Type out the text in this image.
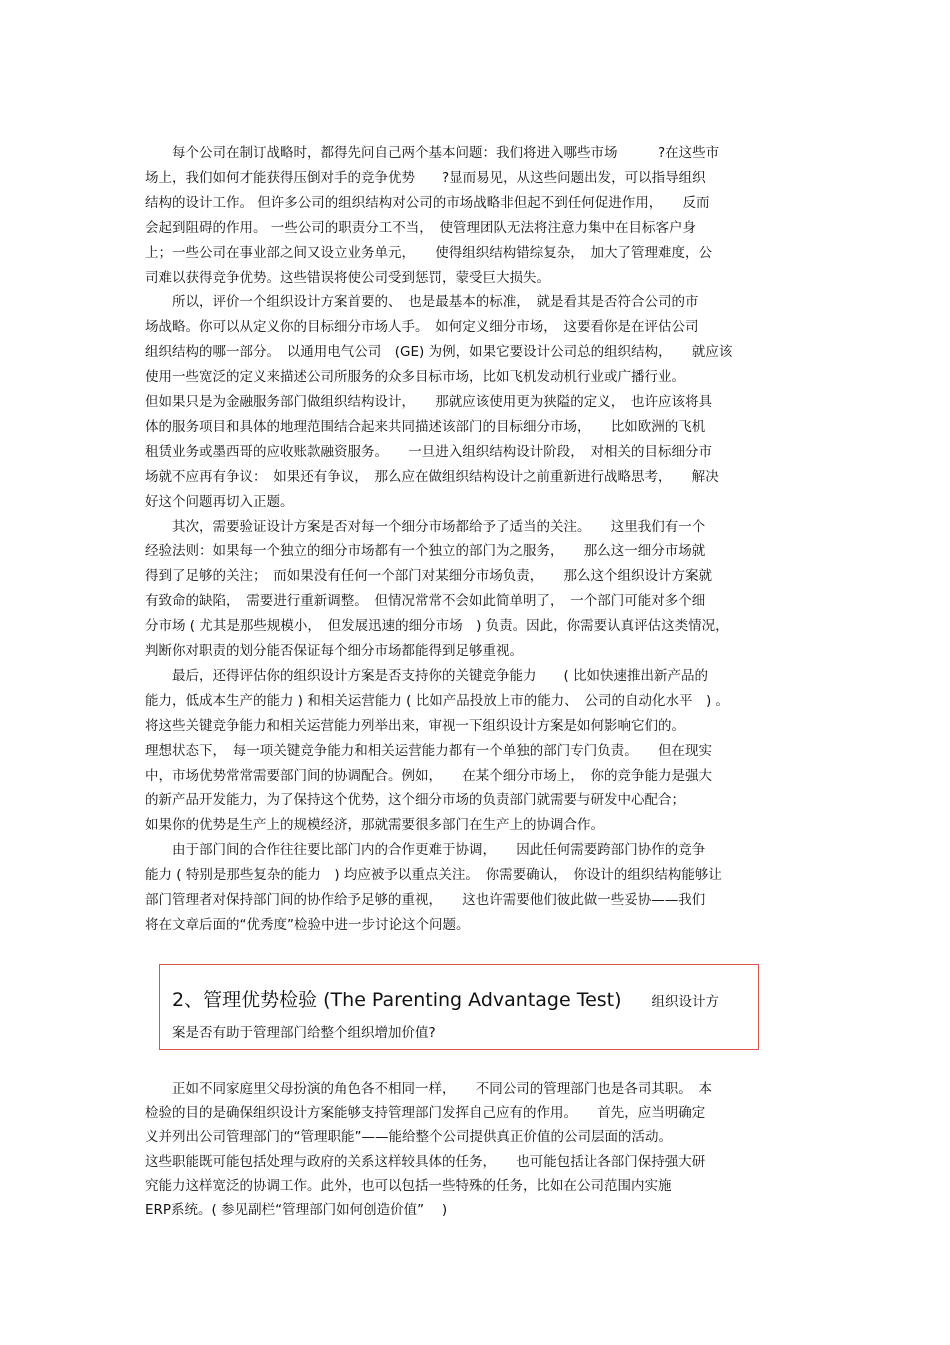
　　每个公司在制订战略时，都得先问自己两个基本问题：我们将进入哪些市场　　　?在这些市
场上，我们如何才能获得压倒对手的竞争优势　　?显而易见，从这些问题出发，可以指导组织
结构的设计工作。 但许多公司的组织结构对公司的市场战略非但起不到任何促进作用，　　反而
会起到阻碍的作用。 一些公司的职责分工不当，　使管理团队无法将注意力集中在目标客户身
上；一些公司在事业部之间又设立业务单元，　　使得组织结构错综复杂，　加大了管理难度，公
司难以获得竞争优势。这些错误将使公司受到惩罚，蒙受巨大损失。
　　所以，评价一个组织设计方案首要的、　也是最基本的标准，　就是看其是否符合公司的市
场战略。你可以从定义你的目标细分市场人手。　如何定义细分市场，　这要看你是在评估公司
组织结构的哪一部分。　以通用电气公司　(GE) 为例，如果它要设计公司总的组织结构，　　就应该
使用一些宽泛的定义来描述公司所服务的众多目标市场，比如飞机发动机行业或广播行业。
但如果只是为金融服务部门做组织结构设计，　　那就应该使用更为狭隘的定义，　也许应该将具
体的服务项目和具体的地理范围结合起来共同描述该部门的目标细分市场，　　比如欧洲的飞机
租赁业务或墨西哥的应收账款融资服务。　　一旦进入组织结构设计阶段，　对相关的目标细分市
场就不应再有争议：　如果还有争议，　那么应在做组织结构设计之前重新进行战略思考，　　解决
好这个问题再切入正题。
　　其次，需要验证设计方案是否对每一个细分市场都给予了适当的关注。　　这里我们有一个
经验法则：如果每一个独立的细分市场都有一个独立的部门为之服务，　　那么这一细分市场就
得到了足够的关注；　而如果没有任何一个部门对某细分市场负责，　　那么这个组织设计方案就
有致命的缺陷，　需要进行重新调整。　但情况常常不会如此简单明了，　一个部门可能对多个细
分市场 ( 尤其是那些规模小，　但发展迅速的细分市场　) 负责。因此，你需要认真评估这类情况，
判断你对职责的划分能否保证每个细分市场都能得到足够重视。
　　最后，还得评估你的组织设计方案是否支持你的关键竞争能力　　( 比如快速推出新产品的
能力，低成本生产的能力 ) 和相关运营能力 ( 比如产品投放上市的能力、　公司的自动化水平　) 。
将这些关键竞争能力和相关运营能力列举出来，审视一下组织设计方案是如何影响它们的。
理想状态下，　每一项关键竞争能力和相关运营能力都有一个单独的部门专门负责。　　但在现实
中，市场优势常常需要部门间的协调配合。例如，　　在某个细分市场上，　你的竞争能力是强大
的新产品开发能力，为了保持这个优势，这个细分市场的负责部门就需要与研发中心配合；
如果你的优势是生产上的规模经济，那就需要很多部门在生产上的协调合作。
　　由于部门间的合作往往要比部门内的合作更难于协调，　　因此任何需要跨部门协作的竞争
能力 ( 特别是那些复杂的能力　) 均应被予以重点关注。　你需要确认，　你设计的组织结构能够让
部门管理者对保持部门间的协作给予足够的重视，　　这也许需要他们彼此做一些妥协——我们
将在文章后面的“优秀度”检验中进一步讨论这个问题。
2、管理优势检验 (The Parenting Advantage Test) 组织设计方
案是否有助于管理部门给整个组织增加价值?
　　正如不同家庭里父母扮演的角色各不相同一样，　　不同公司的管理部门也是各司其职。　本
检验的目的是确保组织设计方案能够支持管理部门发挥自己应有的作用。　　首先，应当明确定
义并列出公司管理部门的“管理职能”——能给整个公司提供真正价值的公司层面的活动。
这些职能既可能包括处理与政府的关系这样较具体的任务，　　也可能包括让各部门保持强大研
究能力这样宽泛的协调工作。此外，也可以包括一些特殊的任务，比如在公司范围内实施
ERP系统。( 参见副栏“管理部门如何创造价值”　 )
